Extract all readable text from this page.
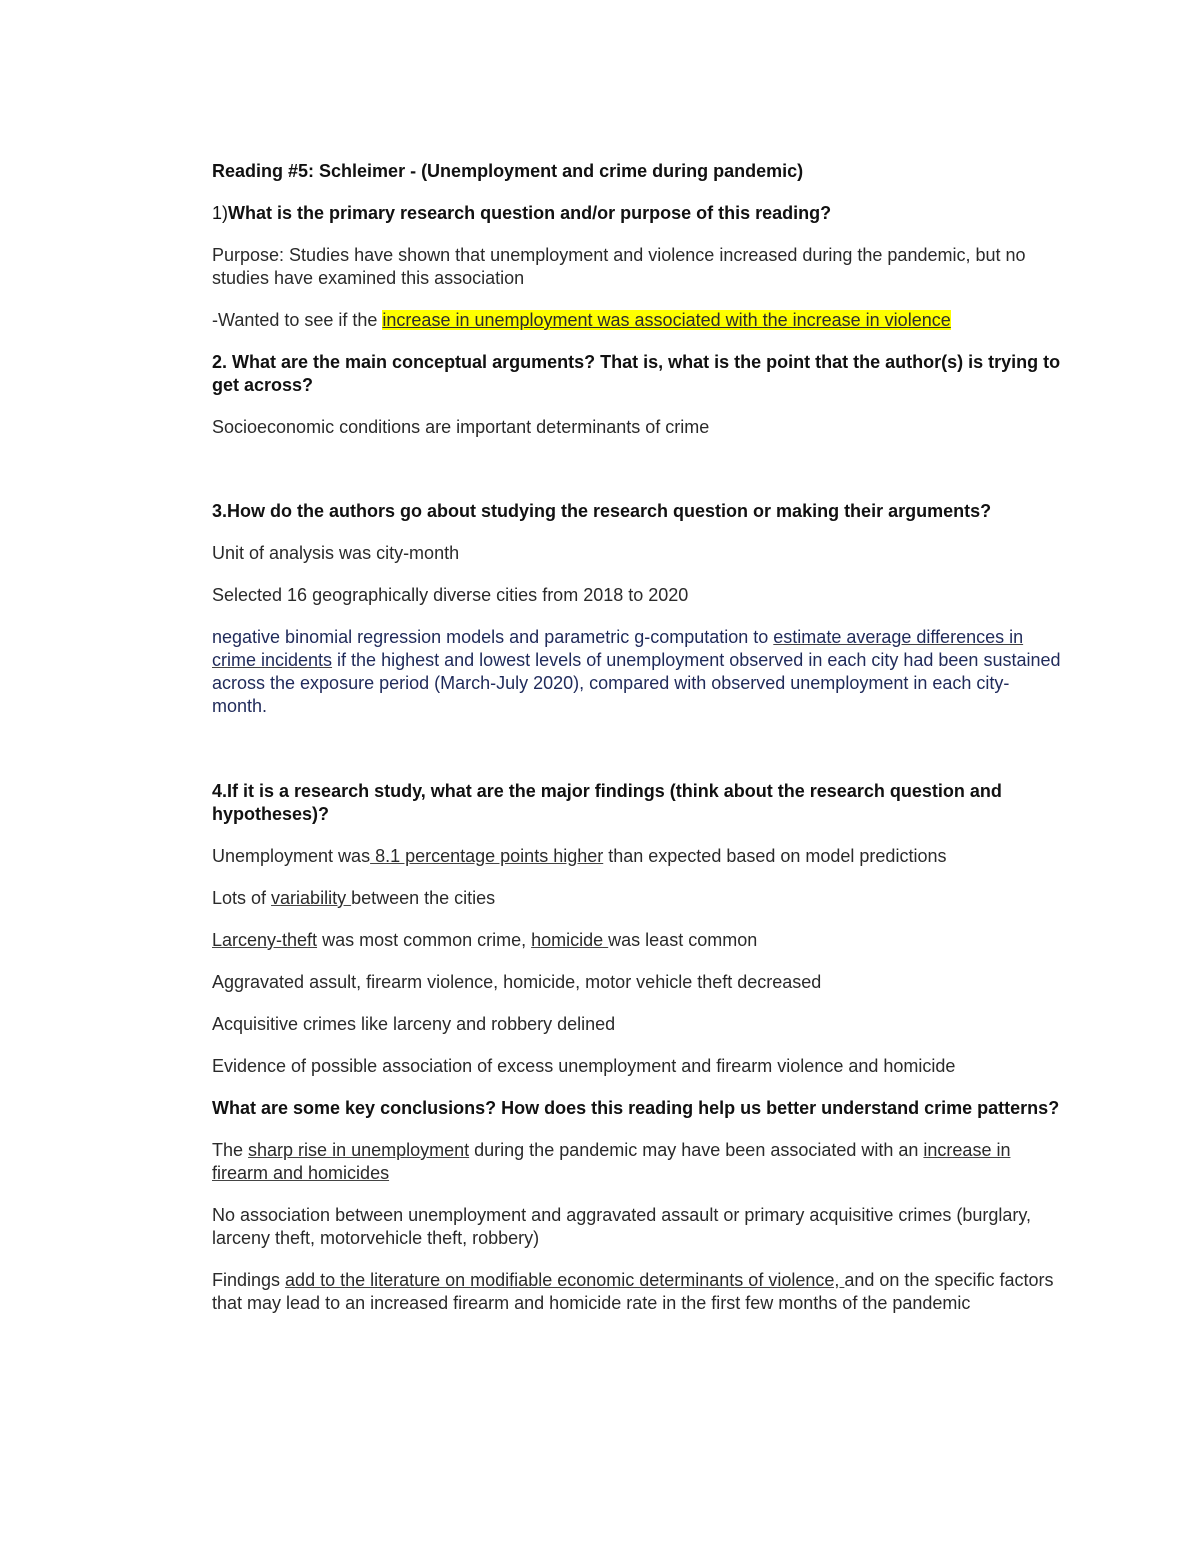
Reading #5: Schleimer - (Unemployment and crime during pandemic)
1)What is the primary research question and/or purpose of this reading?
Purpose: Studies have shown that unemployment and violence increased during the pandemic, but no studies have examined this association
-Wanted to see if the increase in unemployment was associated with the increase in violence
2. What are the main conceptual arguments? That is, what is the point that the author(s) is trying to get across?
Socioeconomic conditions are important determinants of crime
3.How do the authors go about studying the research question or making their arguments?
Unit of analysis was city-month
Selected 16 geographically diverse cities from 2018 to 2020
negative binomial regression models and parametric g-computation to estimate average differences in crime incidents if the highest and lowest levels of unemployment observed in each city had been sustained across the exposure period (March-July 2020), compared with observed unemployment in each city-month.
4.If it is a research study, what are the major findings (think about the research question and hypotheses)?
Unemployment was 8.1 percentage points higher than expected based on model predictions
Lots of variability between the cities
Larceny-theft was most common crime, homicide was least common
Aggravated assult, firearm violence, homicide, motor vehicle theft decreased
Acquisitive crimes like larceny and robbery delined
Evidence of possible association of excess unemployment and firearm violence and homicide
What are some key conclusions? How does this reading help us better understand crime patterns?
The sharp rise in unemployment during the pandemic may have been associated with an increase in firearm and homicides
No association between unemployment and aggravated assault or primary acquisitive crimes (burglary, larceny theft, motorvehicle theft, robbery)
Findings add to the literature on modifiable economic determinants of violence, and on the specific factors that may lead to an increased firearm and homicide rate in the first few months of the pandemic
